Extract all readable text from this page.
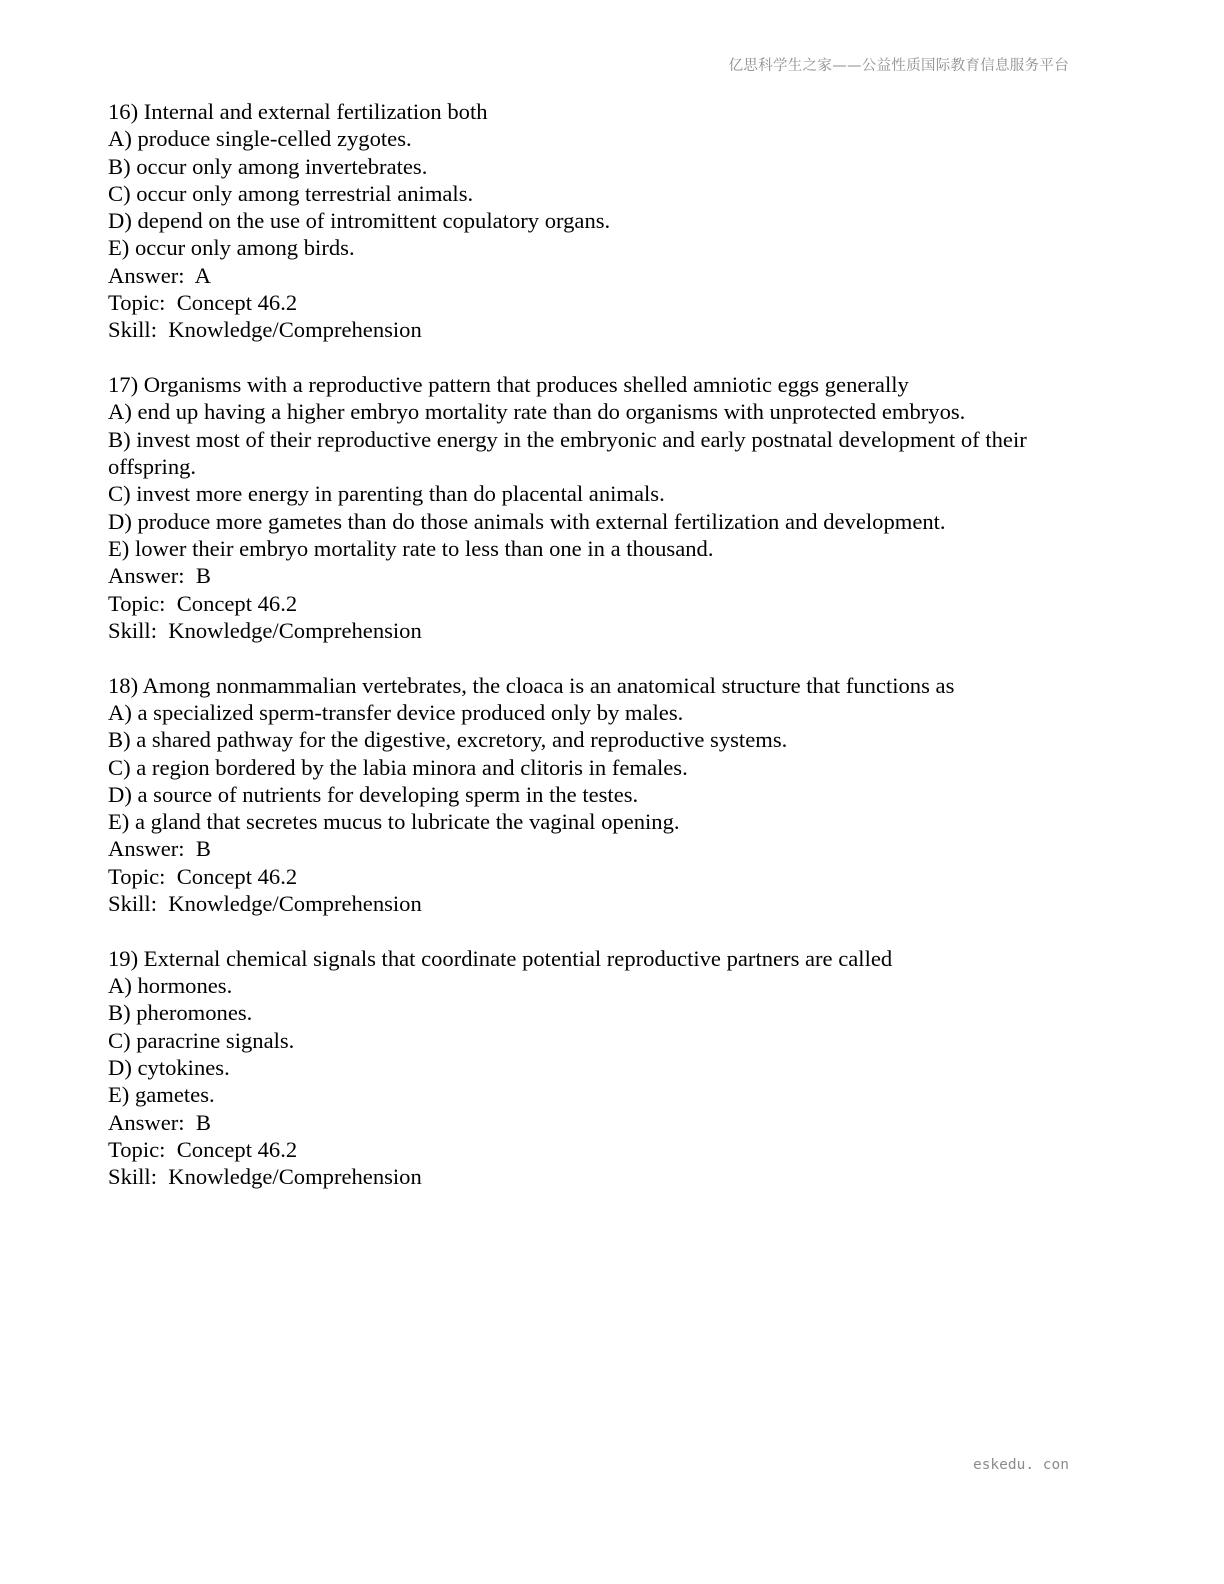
亿思科学生之家——公益性质国际教育信息服务平台
16) Internal and external fertilization both
A) produce single-celled zygotes.
B) occur only among invertebrates.
C) occur only among terrestrial animals.
D) depend on the use of intromittent copulatory organs.
E) occur only among birds.
Answer:  A
Topic:  Concept 46.2
Skill:  Knowledge/Comprehension
17) Organisms with a reproductive pattern that produces shelled amniotic eggs generally
A) end up having a higher embryo mortality rate than do organisms with unprotected embryos.
B) invest most of their reproductive energy in the embryonic and early postnatal development of their offspring.
C) invest more energy in parenting than do placental animals.
D) produce more gametes than do those animals with external fertilization and development.
E) lower their embryo mortality rate to less than one in a thousand.
Answer:  B
Topic:  Concept 46.2
Skill:  Knowledge/Comprehension
18) Among nonmammalian vertebrates, the cloaca is an anatomical structure that functions as
A) a specialized sperm-transfer device produced only by males.
B) a shared pathway for the digestive, excretory, and reproductive systems.
C) a region bordered by the labia minora and clitoris in females.
D) a source of nutrients for developing sperm in the testes.
E) a gland that secretes mucus to lubricate the vaginal opening.
Answer:  B
Topic:  Concept 46.2
Skill:  Knowledge/Comprehension
19) External chemical signals that coordinate potential reproductive partners are called
A) hormones.
B) pheromones.
C) paracrine signals.
D) cytokines.
E) gametes.
Answer:  B
Topic:  Concept 46.2
Skill:  Knowledge/Comprehension
eskedu. con
